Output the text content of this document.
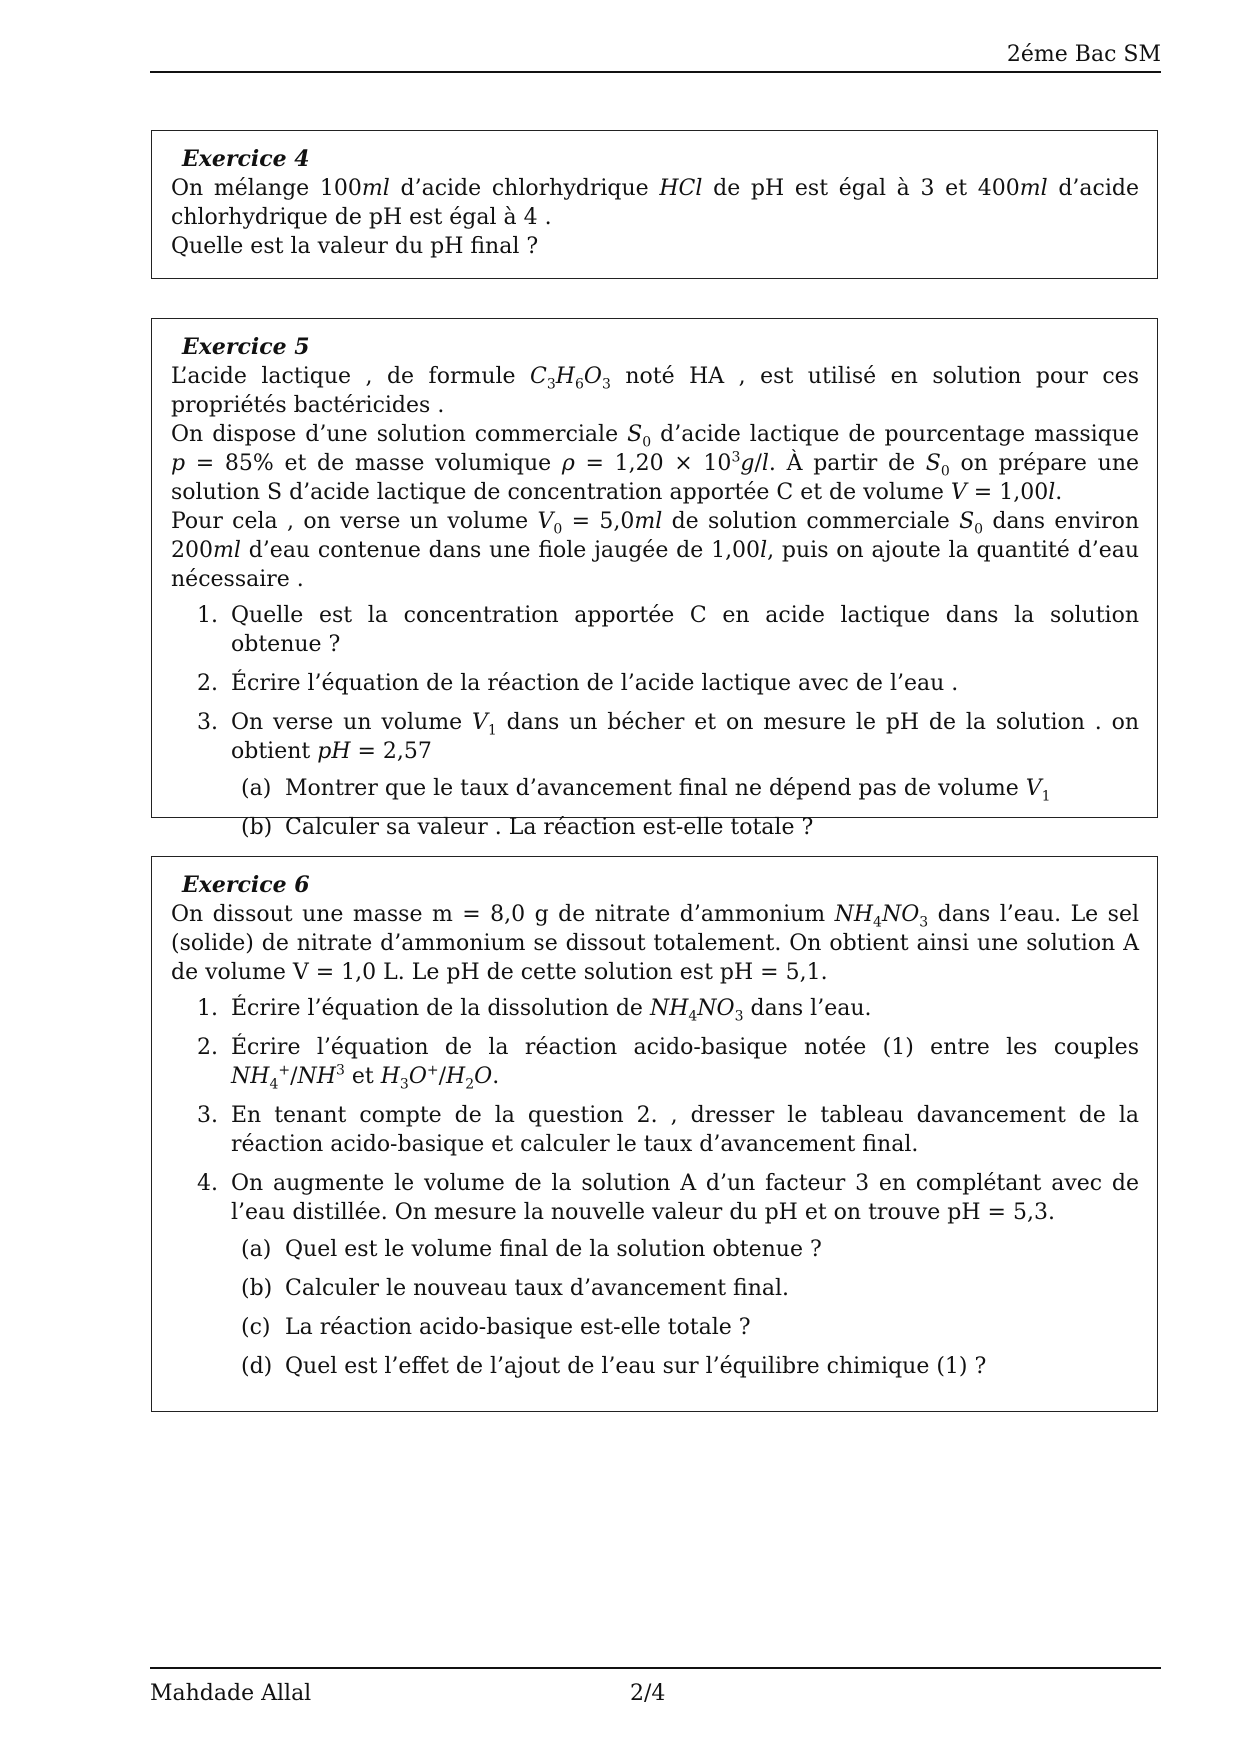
2éme Bac SM
Exercice 4
On mélange 100ml d’acide chlorhydrique HCl de pH est égal à 3 et 400ml d’acide chlorhydrique de pH est égal à 4 .
Quelle est la valeur du pH final ?
Exercice 5
L’acide lactique , de formule $C_3H_6O_3$ noté HA , est utilisé en solution pour ces propriétés bactéricides .
On dispose d’une solution commerciale $S_0$ d’acide lactique de pourcentage massique p = 85% et de masse volumique $\rho = 1,20 \times 10^3g/l$. À partir de $S_0$ on prépare une solution S d’acide lactique de concentration apportée C et de volume V = 1,00l.
Pour cela , on verse un volume $V_0 = 5,0ml$ de solution commerciale $S_0$ dans environ 200ml d’eau contenue dans une fiole jaugée de 1,00l, puis on ajoute la quantité d’eau nécessaire .
1. Quelle est la concentration apportée C en acide lactique dans la solution obtenue ?
2. Écrire l’équation de la réaction de l’acide lactique avec de l’eau .
3. On verse un volume $V_1$ dans un bécher et on mesure le pH de la solution . on obtient pH = 2,57
(a) Montrer que le taux d’avancement final ne dépend pas de volume $V_1$
(b) Calculer sa valeur . La réaction est-elle totale ?
Exercice 6
On dissout une masse m = 8,0 g de nitrate d’ammonium $NH_4NO_3$ dans l’eau. Le sel (solide) de nitrate d’ammonium se dissout totalement. On obtient ainsi une solution A de volume V = 1,0 L. Le pH de cette solution est pH = 5,1.
1. Écrire l’équation de la dissolution de $NH_4NO_3$ dans l’eau.
2. Écrire l’équation de la réaction acido-basique notée (1) entre les couples $NH_4^+/NH^3$ et $H_3O^+/H_2O$.
3. En tenant compte de la question 2. , dresser le tableau davancement de la réaction acido-basique et calculer le taux d’avancement final.
4. On augmente le volume de la solution A d’un facteur 3 en complétant avec de l’eau distillée. On mesure la nouvelle valeur du pH et on trouve pH = 5,3.
(a) Quel est le volume final de la solution obtenue ?
(b) Calculer le nouveau taux d’avancement final.
(c) La réaction acido-basique est-elle totale ?
(d) Quel est l’effet de l’ajout de l’eau sur l’équilibre chimique (1) ?
Mahdade Allal	2/4
